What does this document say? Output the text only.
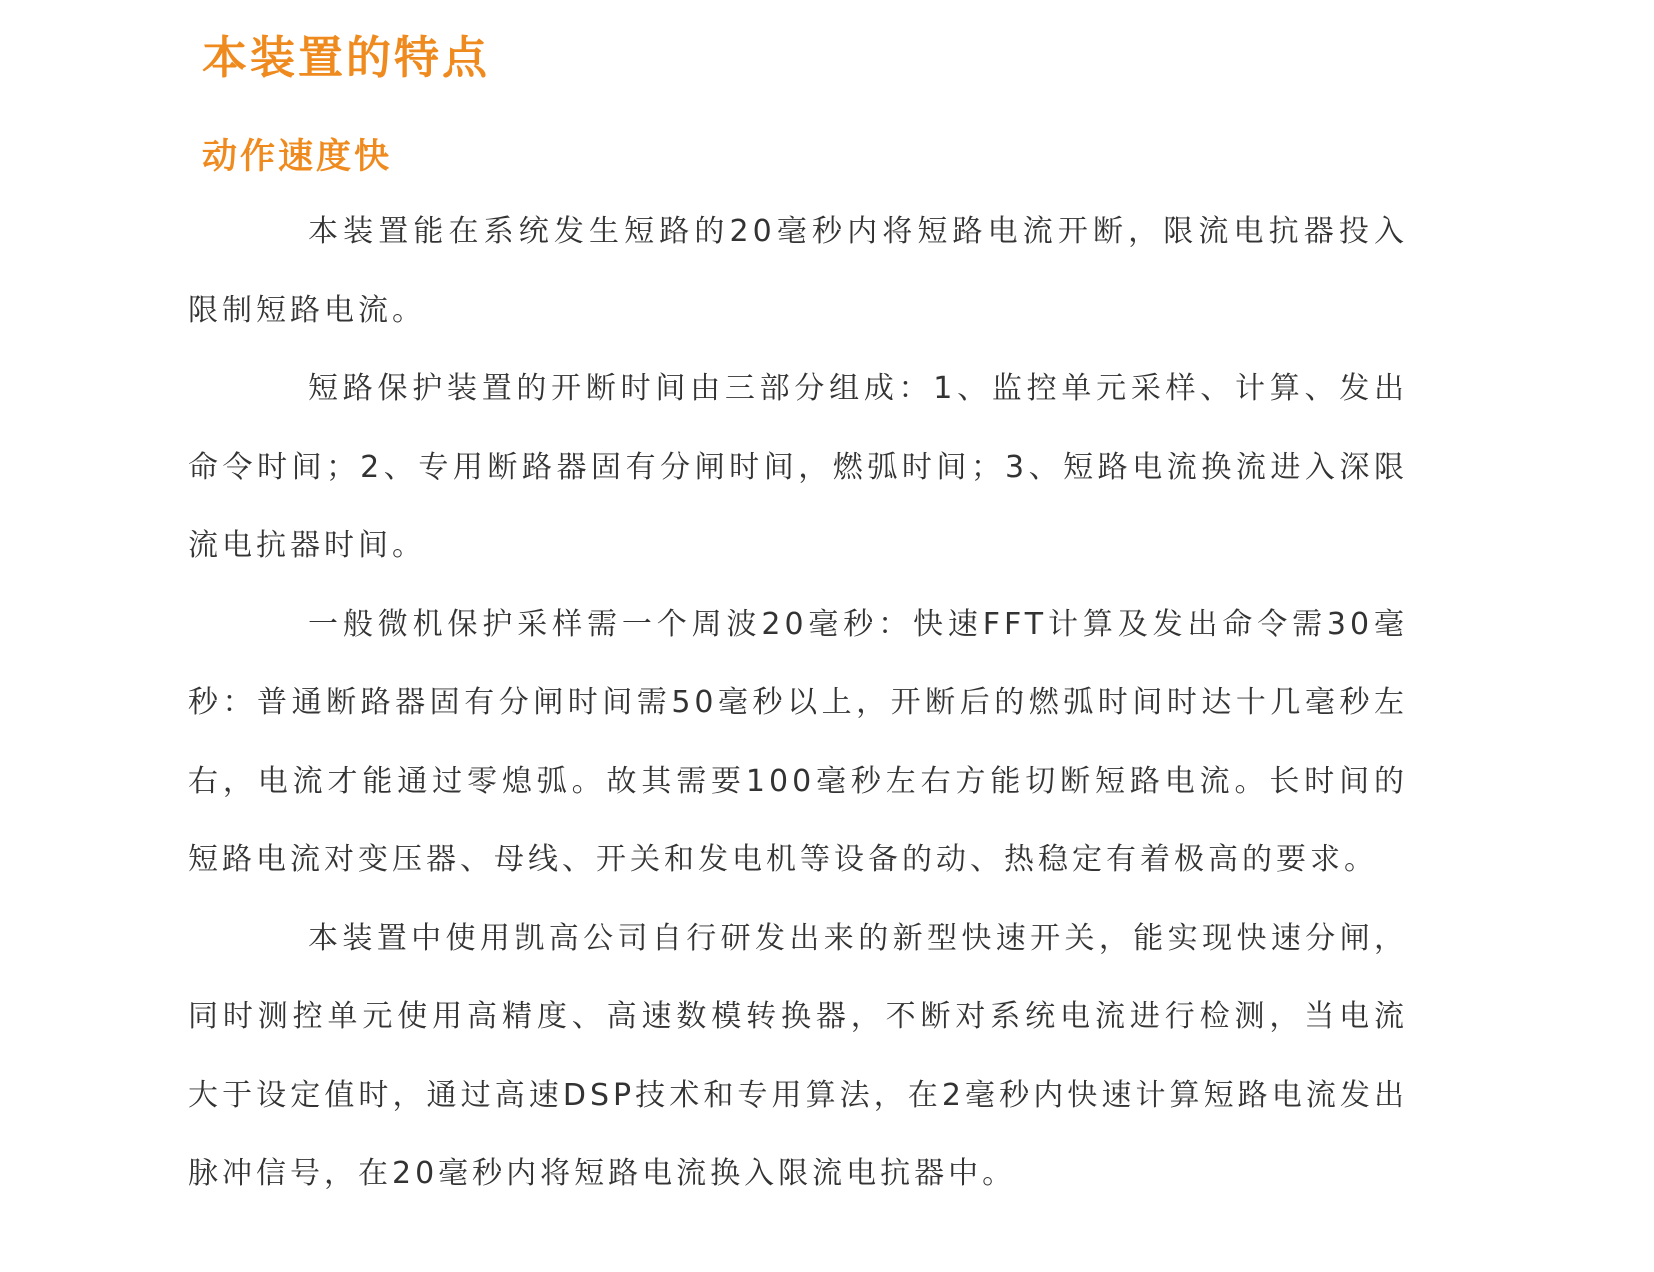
本装置的特点
动作速度快

本装置能在系统发生短路的20毫秒内将短路电流开断，限流电抗器投入限制短路电流。

短路保护装置的开断时间由三部分组成：1、监控单元采样、计算、发出命令时间；2、专用断路器固有分闸时间，燃弧时间；3、短路电流换流进入深限流电抗器时间。

一般微机保护采样需一个周波20毫秒：快速FFT计算及发出命令需30毫秒：普通断路器固有分闸时间需50毫秒以上，开断后的燃弧时间时达十几毫秒左右，电流才能通过零熄弧。故其需要100毫秒左右方能切断短路电流。长时间的短路电流对变压器、母线、开关和发电机等设备的动、热稳定有着极高的要求。

本装置中使用凯高公司自行研发出来的新型快速开关，能实现快速分闸，同时测控单元使用高精度、高速数模转换器，不断对系统电流进行检测，当电流大于设定值时，通过高速DSP技术和专用算法，在2毫秒内快速计算短路电流发出脉冲信号，在20毫秒内将短路电流换入限流电抗器中。
